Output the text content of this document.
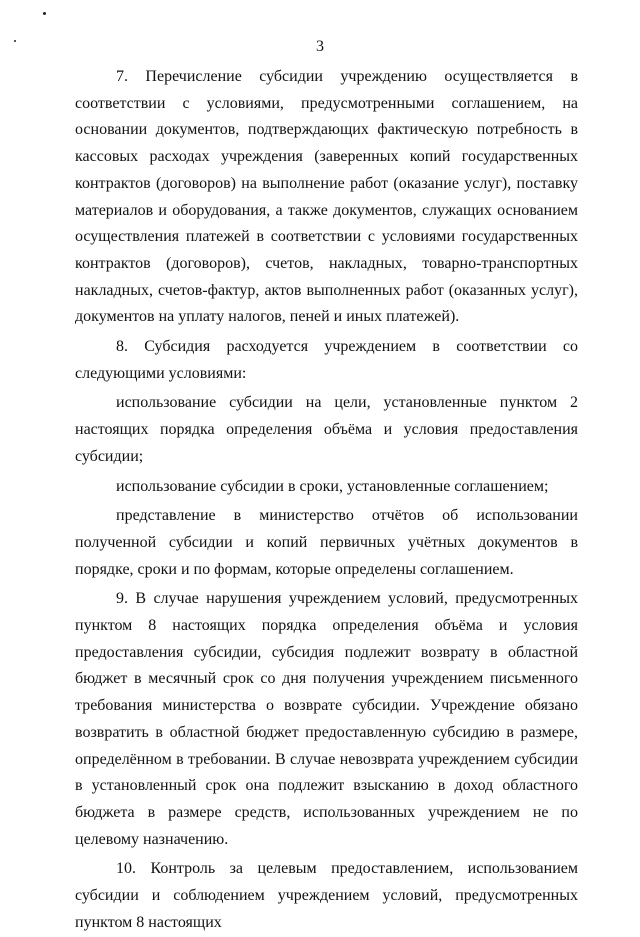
3

7. Перечисление субсидии учреждению осуществляется в соответствии с условиями, предусмотренными соглашением, на основании документов, подтверждающих фактическую потребность в кассовых расходах учреждения (заверенных копий государственных контрактов (договоров) на выполнение работ (оказание услуг), поставку материалов и оборудования, а также документов, служащих основанием осуществления платежей в соответствии с условиями государственных контрактов (договоров), счетов, накладных, товарно-транспортных накладных, счетов-фактур, актов выполненных работ (оказанных услуг), документов на уплату налогов, пеней и иных платежей).

8. Субсидия расходуется учреждением в соответствии со следующими условиями:

использование субсидии на цели, установленные пунктом 2 настоящих порядка определения объёма и условия предоставления субсидии;

использование субсидии в сроки, установленные соглашением;

представление в министерство отчётов об использовании полученной субсидии и копий первичных учётных документов в порядке, сроки и по формам, которые определены соглашением.

9. В случае нарушения учреждением условий, предусмотренных пунктом 8 настоящих порядка определения объёма и условия предоставления субсидии, субсидия подлежит возврату в областной бюджет в месячный срок со дня получения учреждением письменного требования министерства о возврате субсидии. Учреждение обязано возвратить в областной бюджет предоставленную субсидию в размере, определённом в требовании. В случае невозврата учреждением субсидии в установленный срок она подлежит взысканию в доход областного бюджета в размере средств, использованных учреждением не по целевому назначению.

10. Контроль за целевым предоставлением, использованием субсидии и соблюдением учреждением условий, предусмотренных пунктом 8 настоящих
